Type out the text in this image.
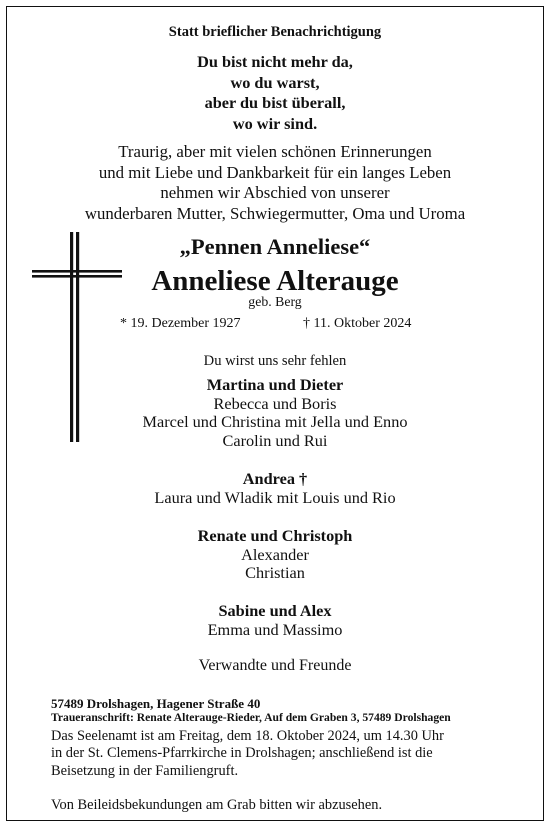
Statt brieflicher Benachrichtigung
Du bist nicht mehr da,
wo du warst,
aber du bist überall,
wo wir sind.
Traurig, aber mit vielen schönen Erinnerungen
und mit Liebe und Dankbarkeit für ein langes Leben
nehmen wir Abschied von unserer
wunderbaren Mutter, Schwiegermutter, Oma und Uroma
„Pennen Anneliese“
Anneliese Alterauge
geb. Berg
* 19. Dezember 1927	† 11. Oktober 2024
Du wirst uns sehr fehlen
Martina und Dieter
Rebecca und Boris
Marcel und Christina mit Jella und Enno
Carolin und Rui
Andrea †
Laura und Wladik mit Louis und Rio
Renate und Christoph
Alexander
Christian
Sabine und Alex
Emma und Massimo
Verwandte und Freunde
57489 Drolshagen, Hagener Straße 40
Traueranschrift: Renate Alterauge-Rieder, Auf dem Graben 3, 57489 Drolshagen
Das Seelenamt ist am Freitag, dem 18. Oktober 2024, um 14.30 Uhr
in der St. Clemens-Pfarrkirche in Drolshagen; anschließend ist die
Beisetzung in der Familiengruft.
Von Beileidsbekundungen am Grab bitten wir abzusehen.
